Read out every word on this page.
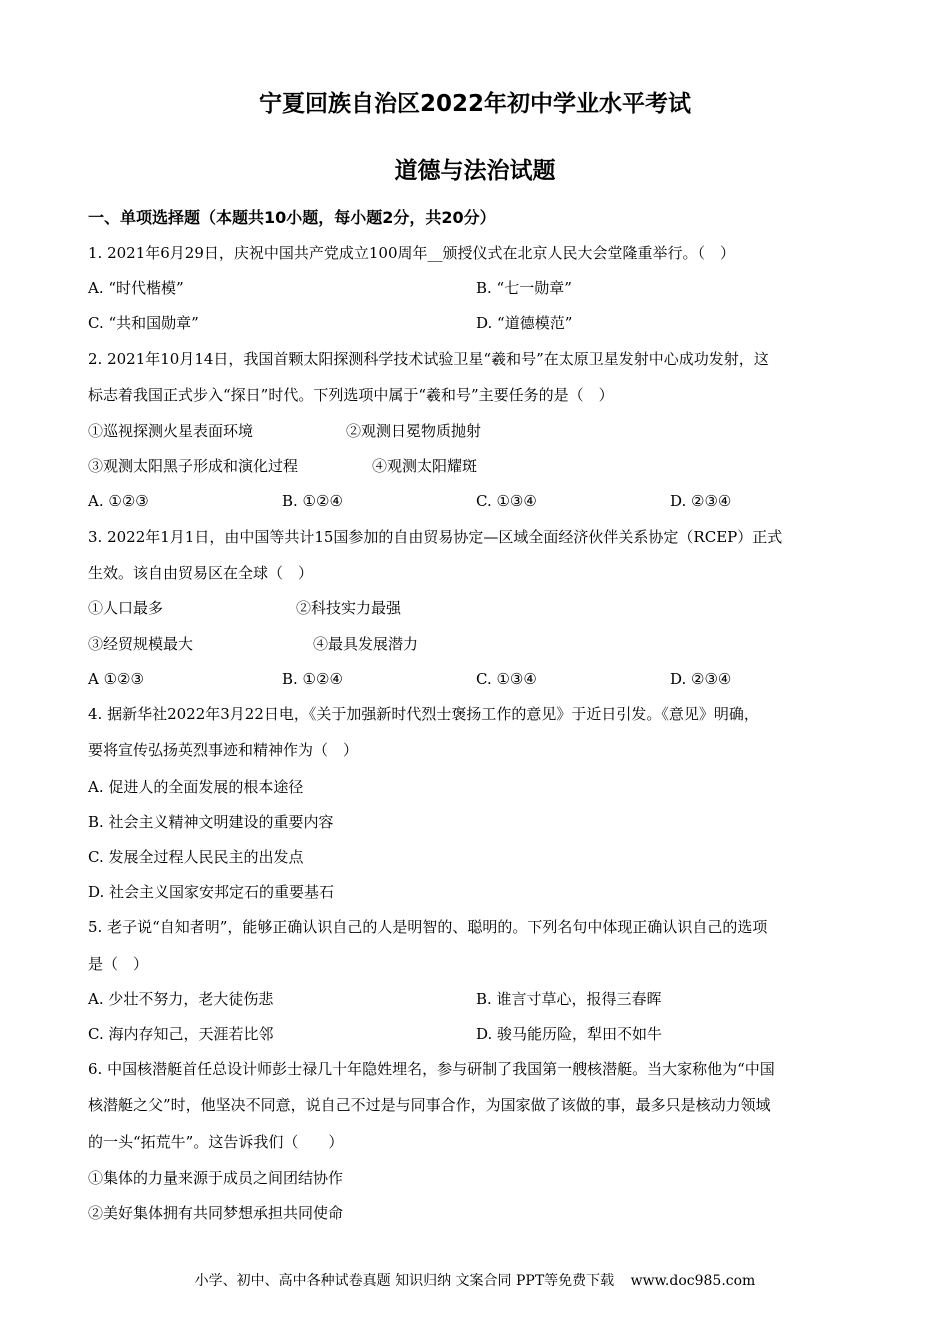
宁夏回族自治区2022年初中学业水平考试
道德与法治试题
一、单项选择题（本题共10小题，每小题2分，共20分）
1. 2021年6月29日，庆祝中国共产党成立100周年__颁授仪式在北京人民大会堂隆重举行。（　）
A. “时代楷模”	B. “七一勋章”
C. “共和国勋章”	D. “道德模范”
2. 2021年10月14日，我国首颗太阳探测科学技术试验卫星“羲和号”在太原卫星发射中心成功发射，这
标志着我国正式步入“探日”时代。下列选项中属于“羲和号”主要任务的是（　）
①巡视探测火星表面环境	②观测日冕物质抛射
③观测太阳黑子形成和演化过程	④观测太阳耀斑
A. ①②③	B. ①②④	C. ①③④	D. ②③④
3. 2022年1月1日，由中国等共计15国参加的自由贸易协定—区域全面经济伙伴关系协定（RCEP）正式
生效。该自由贸易区在全球（　）
①人口最多	②科技实力最强
③经贸规模最大	④最具发展潜力
A ①②③	B. ①②④	C. ①③④	D. ②③④
4. 据新华社2022年3月22日电，《关于加强新时代烈士褒扬工作的意见》于近日引发。《意见》明确，
要将宣传弘扬英烈事迹和精神作为（　）
A. 促进人的全面发展的根本途径
B. 社会主义精神文明建设的重要内容
C. 发展全过程人民民主的出发点
D. 社会主义国家安邦定石的重要基石
5. 老子说“自知者明”，能够正确认识自己的人是明智的、聪明的。下列名句中体现正确认识自己的选项
是（　）
A. 少壮不努力，老大徒伤悲	B. 谁言寸草心，报得三春晖
C. 海内存知己，天涯若比邻	D. 骏马能历险，犁田不如牛
6. 中国核潜艇首任总设计师彭士禄几十年隐姓埋名，参与研制了我国第一艘核潜艇。当大家称他为“中国
核潜艇之父”时，他坚决不同意，说自己不过是与同事合作，为国家做了该做的事，最多只是核动力领域
的一头“拓荒牛”。这告诉我们（　　）
①集体的力量来源于成员之间团结协作
②美好集体拥有共同梦想承担共同使命
小学、初中、高中各种试卷真题 知识归纳 文案合同 PPT等免费下载 www.doc985.com
